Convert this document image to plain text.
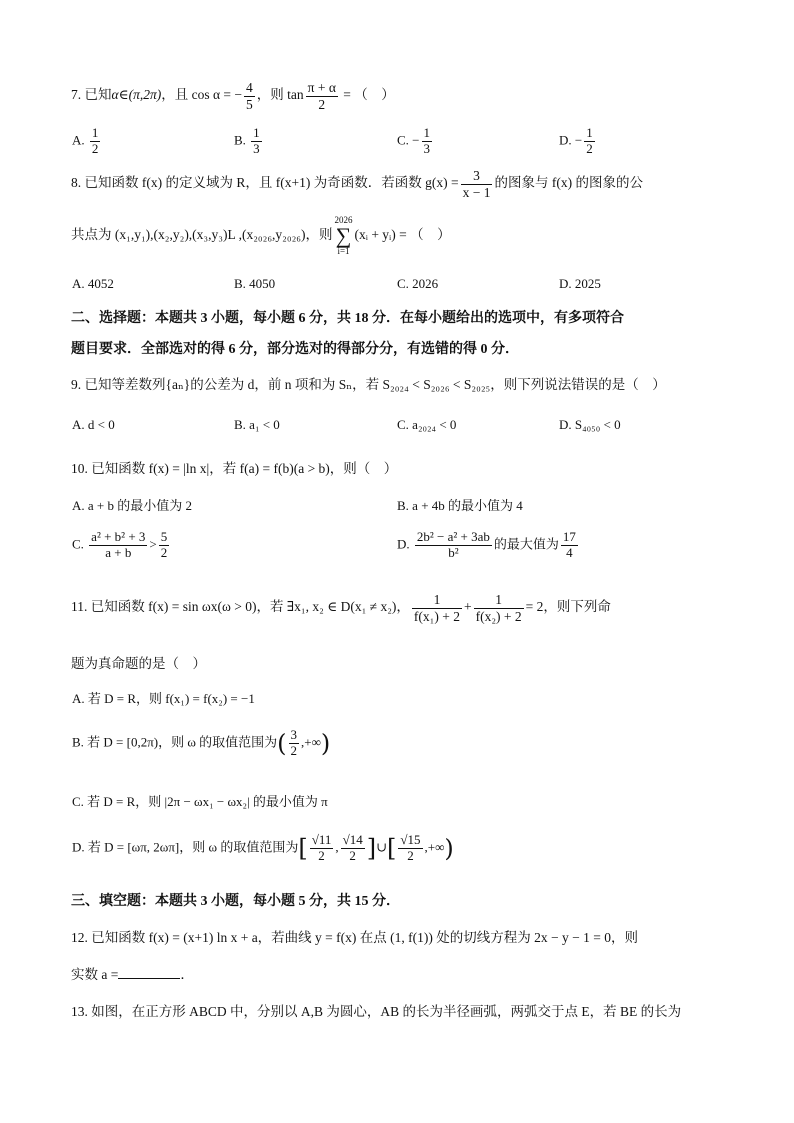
7. 已知α∈(π,2π)，且 cos α = − $\frac{4}{5}$ ，则 $\tan \frac{\pi + \alpha}{2}$ = （　）
A. $\frac{1}{2}$	B. $\frac{1}{3}$	C. − $\frac{1}{3}$	D. − $\frac{1}{2}$
8. 已知函数 f(x) 的定义域为 R，且 f(x+1) 为奇函数．若函数 $g(x) = \frac{3}{x - 1}$ 的图象与 f(x) 的图象的公
共点为 (x₁,y₁),(x₂,y₂),(x₃,y₃)L ,(x₂₀₂₆,y₂₀₂₆)，则2026
∑
i=1(xᵢ + yᵢ) = （　）
A. 4052	B. 4050	C. 2026	D. 2025
二、选择题：本题共 3 小题，每小题 6 分，共 18 分．在每小题给出的选项中，有多项符合
题目要求．全部选对的得 6 分，部分选对的得部分分，有选错的得 0 分．
9. 已知等差数列{aₙ}的公差为 d，前 n 项和为 Sₙ，若 S₂₀₂₄ < S₂₀₂₆ < S₂₀₂₅，则下列说法错误的是（　）
A. d < 0	B. a₁ < 0	C. a₂₀₂₄ < 0	D. S₄₀₅₀ < 0
10. 已知函数 f(x) = |ln x|，若 f(a) = f(b)(a > b)，则（　）
A. a + b 的最小值为 2	B. a + 4b 的最小值为 4
C. $\frac{\text{a² + b² + 3}}{a + b} > \frac{5}{2}$	D. $\frac{\text{2b² − a² + 3ab}}{\text{b²}}$ 的最大值为 $\frac{17}{4}$
11. 已知函数 f(x) = sin ωx(ω > 0)，若 ∃x₁, x₂ ∈ D(x₁ ≠ x₂)， $\frac{1}{\text{f(x₁) + 2}} + \frac{1}{\text{f(x₂) + 2}} = 2$，则下列命
题为真命题的是（　）
A. 若 D = R，则 f(x₁) = f(x₂) = −1
B. 若 D = [0,2π)，则 ω 的取值范围为( $\frac{3}{2}$ ,+∞)
C. 若 D = R，则 |2π − ωx₁ − ωx₂| 的最小值为 π
D. 若 D = [ωπ, 2ωπ]，则 ω 的取值范围为[ $\frac{√11}{2}$ , $\frac{√14}{2}$ ]∪[ $\frac{√15}{2}$ ,+∞)
三、填空题：本题共 3 小题，每小题 5 分，共 15 分．
12. 已知函数 f(x) = (x+1) ln x + a，若曲线 y = f(x) 在点 (1, f(1)) 处的切线方程为 2x − y − 1 = 0，则
实数 a =	．
13. 如图，在正方形 ABCD 中，分别以 A,B 为圆心，AB 的长为半径画弧，两弧交于点 E，若 BE 的长为
